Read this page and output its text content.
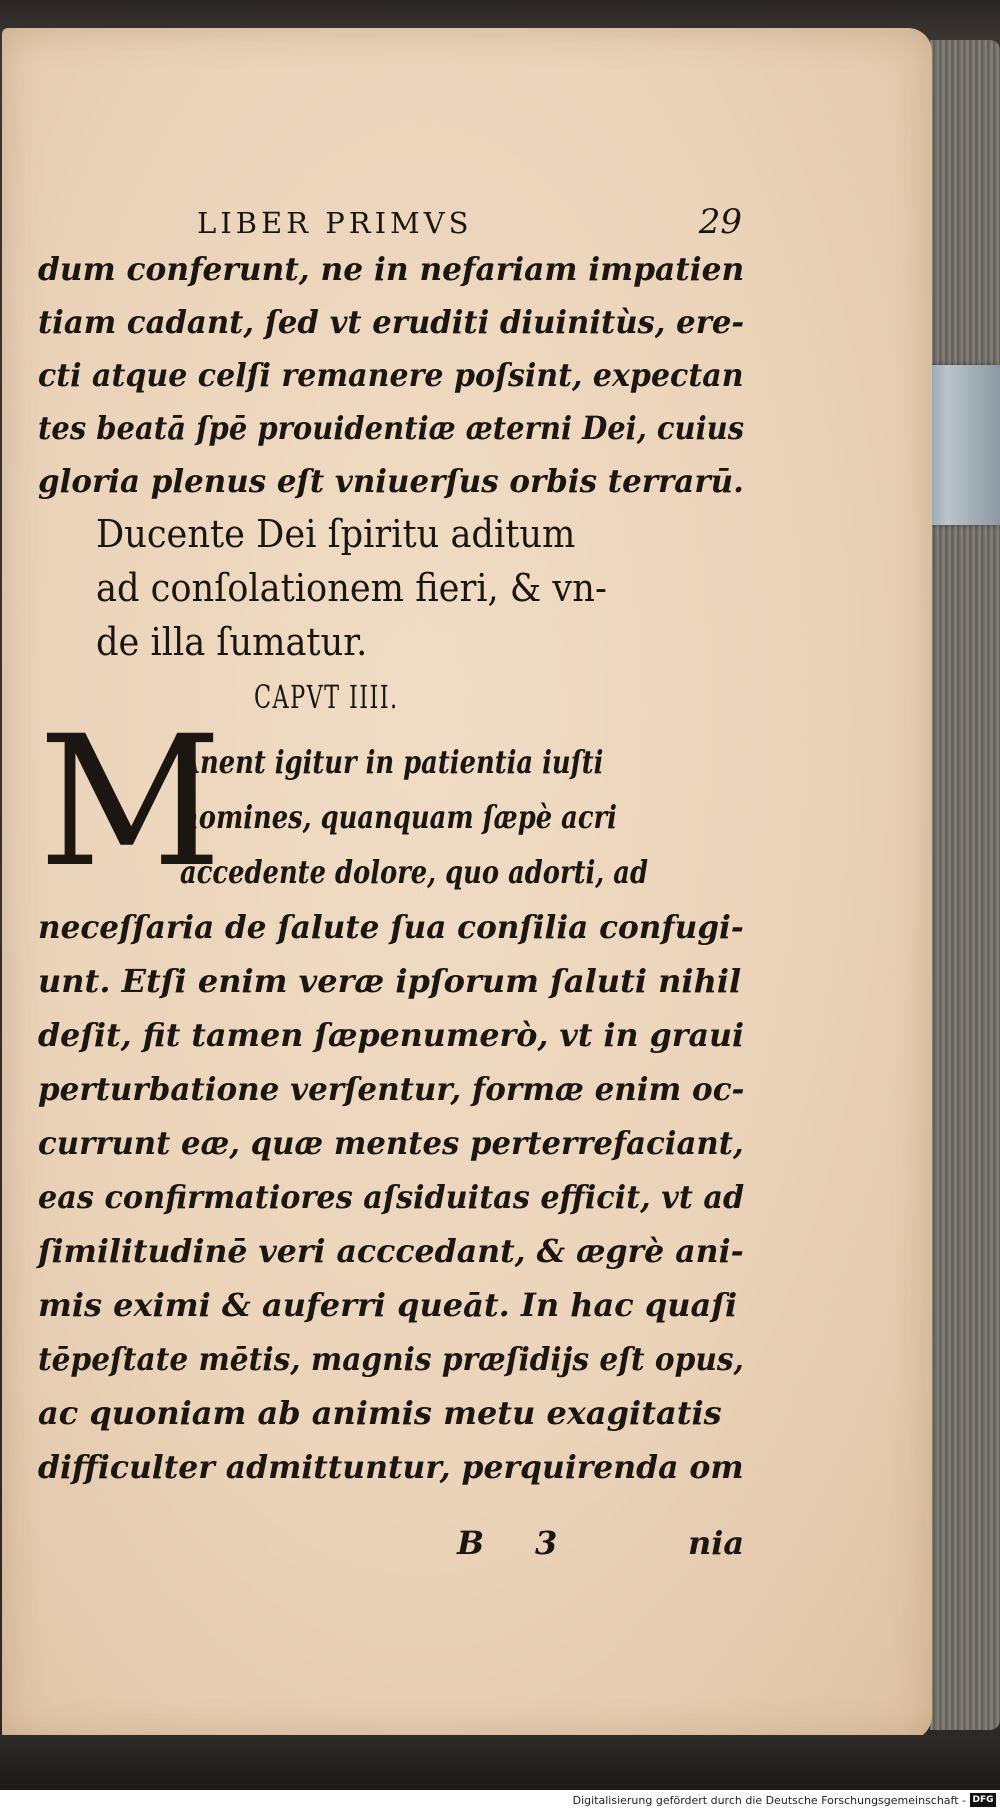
LIBER PRIMVS	29
dum conferunt, ne in nefariam impatien
tiam cadant, ſed vt eruditi diuinitùs, ere-
cti atque celſi remanere poſsint, expectan
tes beatā ſpē prouidentiæ æterni Dei, cuius
gloria plenus eſt vniuerſus orbis terrarū.
Ducente Dei ſpiritu aditum
ad conſolationem fieri, & vn-
de illa ſumatur.
CAPVT IIII.
M
Anent igitur in patientia iuſti
homines, quanquam ſæpè acri
accedente dolore, quo adorti, ad
neceſſaria de ſalute ſua conſilia confugi-
unt. Etſi enim veræ ipſorum ſaluti nihil
deſit, fit tamen ſæpenumerò, vt in graui
perturbatione verſentur, formæ enim oc-
currunt eæ, quæ mentes perterrefaciant,
eas confirmatiores aſsiduitas efficit, vt ad
ſimilitudinē veri acccedant, & ægrè ani-
mis eximi & auferri queāt. In hac quaſi
tēpeſtate mētis, magnis præſidijs eſt opus,
ac quoniam ab animis metu exagitatis
difficulter admittuntur, perquirenda om
B 3	nia
Digitalisierung gefördert durch die Deutsche Forschungsgemeinschaft - DFG
